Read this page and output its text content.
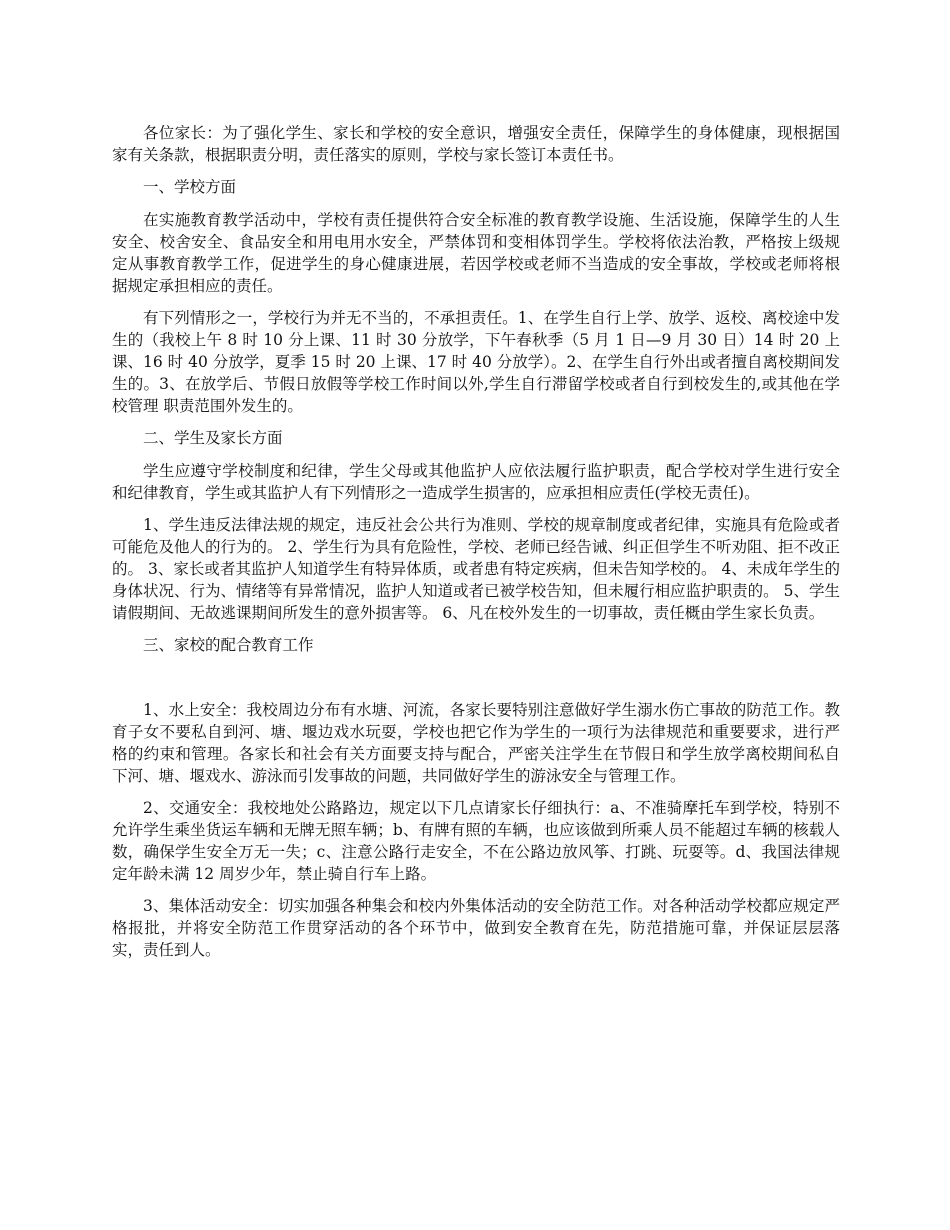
各位家长：为了强化学生、家长和学校的安全意识，增强安全责任，保障学生的身体健康，现根据国家有关条款，根据职责分明，责任落实的原则，学校与家长签订本责任书。

一、学校方面

在实施教育教学活动中，学校有责任提供符合安全标准的教育教学设施、生活设施，保障学生的人生安全、校舍安全、食品安全和用电用水安全，严禁体罚和变相体罚学生。学校将依法治教，严格按上级规定从事教育教学工作，促进学生的身心健康进展，若因学校或老师不当造成的安全事故，学校或老师将根据规定承担相应的责任。

有下列情形之一，学校行为并无不当的，不承担责任。1、在学生自行上学、放学、返校、离校途中发生的（我校上午 8 时 10 分上课、11 时 30 分放学，下午春秋季（5 月 1 日—9 月 30 日）14 时 20 上课、16 时 40 分放学，夏季 15 时 20 上课、17 时 40 分放学）。2、在学生自行外出或者擅自离校期间发生的。3、在放学后、节假日放假等学校工作时间以外,学生自行滞留学校或者自行到校发生的,或其他在学校管理 职责范围外发生的。

二、学生及家长方面

学生应遵守学校制度和纪律，学生父母或其他监护人应依法履行监护职责，配合学校对学生进行安全和纪律教育，学生或其监护人有下列情形之一造成学生损害的，应承担相应责任(学校无责任)。

1、学生违反法律法规的规定，违反社会公共行为准则、学校的规章制度或者纪律，实施具有危险或者可能危及他人的行为的。 2、学生行为具有危险性，学校、老师已经告诫、纠正但学生不听劝阻、拒不改正的。 3、家长或者其监护人知道学生有特异体质，或者患有特定疾病，但未告知学校的。 4、未成年学生的身体状况、行为、情绪等有异常情况，监护人知道或者已被学校告知，但未履行相应监护职责的。 5、学生请假期间、无故逃课期间所发生的意外损害等。 6、凡在校外发生的一切事故，责任概由学生家长负责。

三、家校的配合教育工作

1、水上安全：我校周边分布有水塘、河流，各家长要特别注意做好学生溺水伤亡事故的防范工作。教育子女不要私自到河、塘、堰边戏水玩耍，学校也把它作为学生的一项行为法律规范和重要要求，进行严格的约束和管理。各家长和社会有关方面要支持与配合，严密关注学生在节假日和学生放学离校期间私自下河、塘、堰戏水、游泳而引发事故的问题，共同做好学生的游泳安全与管理工作。

2、交通安全：我校地处公路路边，规定以下几点请家长仔细执行：a、不准骑摩托车到学校，特别不允许学生乘坐货运车辆和无牌无照车辆；b、有牌有照的车辆，也应该做到所乘人员不能超过车辆的核载人数，确保学生安全万无一失；c、注意公路行走安全，不在公路边放风筝、打跳、玩耍等。d、我国法律规定年龄未满 12 周岁少年，禁止骑自行车上路。

3、集体活动安全：切实加强各种集会和校内外集体活动的安全防范工作。对各种活动学校都应规定严格报批，并将安全防范工作贯穿活动的各个环节中，做到安全教育在先，防范措施可靠，并保证层层落实，责任到人。
